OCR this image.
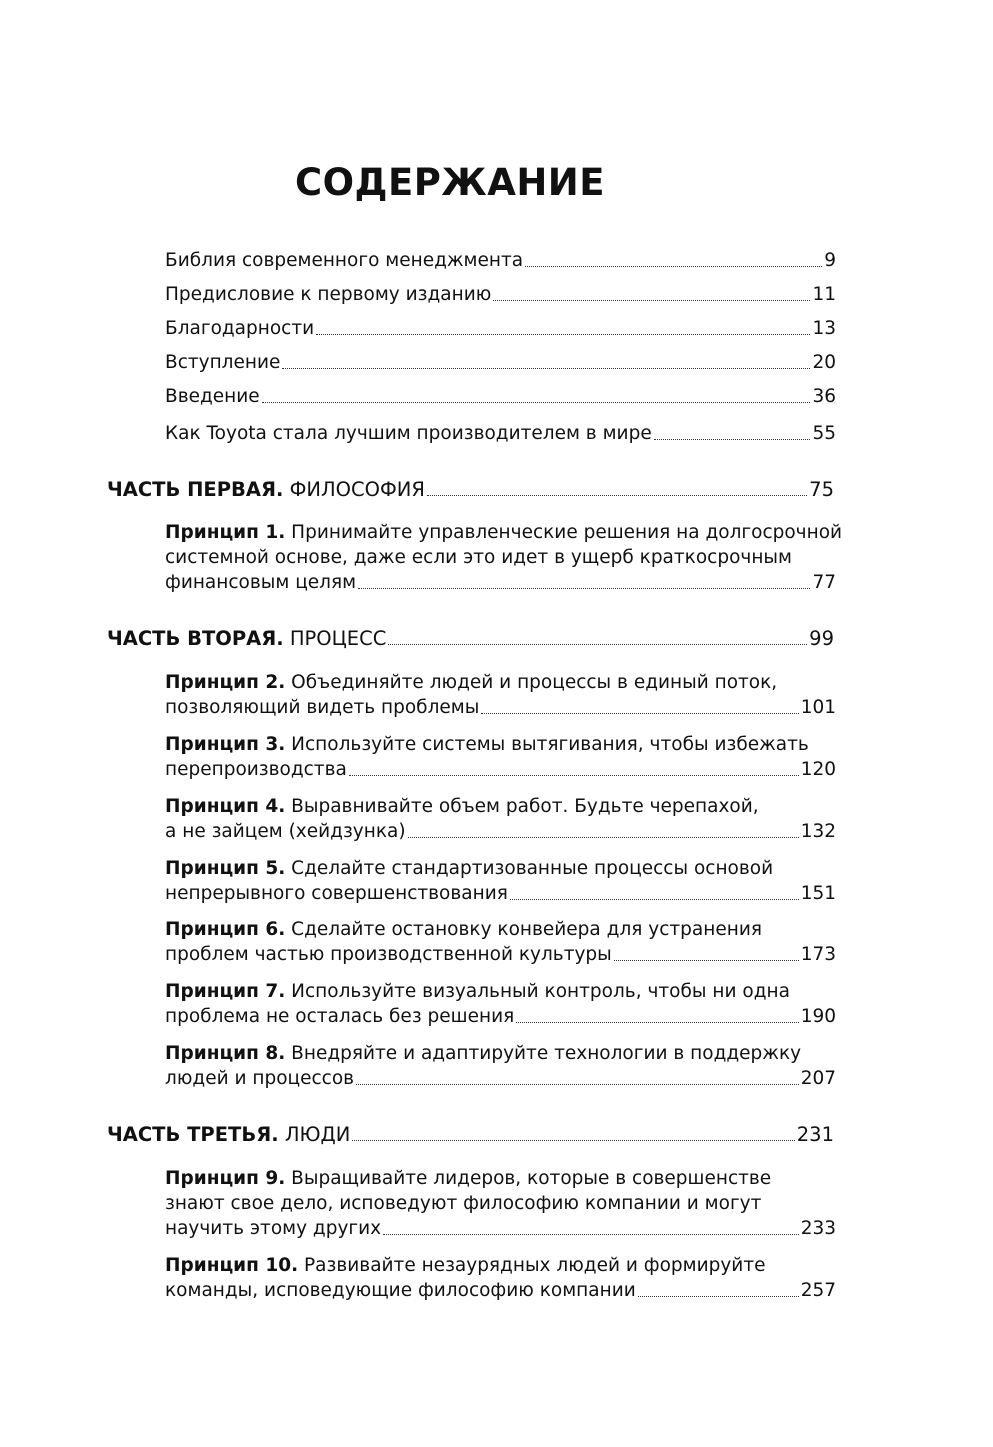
СОДЕРЖАНИЕ
Библия современного менеджмента	9
Предисловие к первому изданию	11
Благодарности	13
Вступление	20
Введение	36
Как Toyota стала лучшим производителем в мире	55
ЧАСТЬ ПЕРВАЯ. ФИЛОСОФИЯ	75
Принцип 1. Принимайте управленческие решения на долгосрочной
системной основе, даже если это идет в ущерб краткосрочным
финансовым целям	77
ЧАСТЬ ВТОРАЯ. ПРОЦЕСС	99
Принцип 2. Объединяйте людей и процессы в единый поток,
позволяющий видеть проблемы	101
Принцип 3. Используйте системы вытягивания, чтобы избежать
перепроизводства	120
Принцип 4. Выравнивайте объем работ. Будьте черепахой,
а не зайцем (хейдзунка)	132
Принцип 5. Сделайте стандартизованные процессы основой
непрерывного совершенствования	151
Принцип 6. Сделайте остановку конвейера для устранения
проблем частью производственной культуры	173
Принцип 7. Используйте визуальный контроль, чтобы ни одна
проблема не осталась без решения	190
Принцип 8. Внедряйте и адаптируйте технологии в поддержку
людей и процессов	207
ЧАСТЬ ТРЕТЬЯ. ЛЮДИ	231
Принцип 9. Выращивайте лидеров, которые в совершенстве
знают свое дело, исповедуют философию компании и могут
научить этому других	233
Принцип 10. Развивайте незаурядных людей и формируйте
команды, исповедующие философию компании	257
